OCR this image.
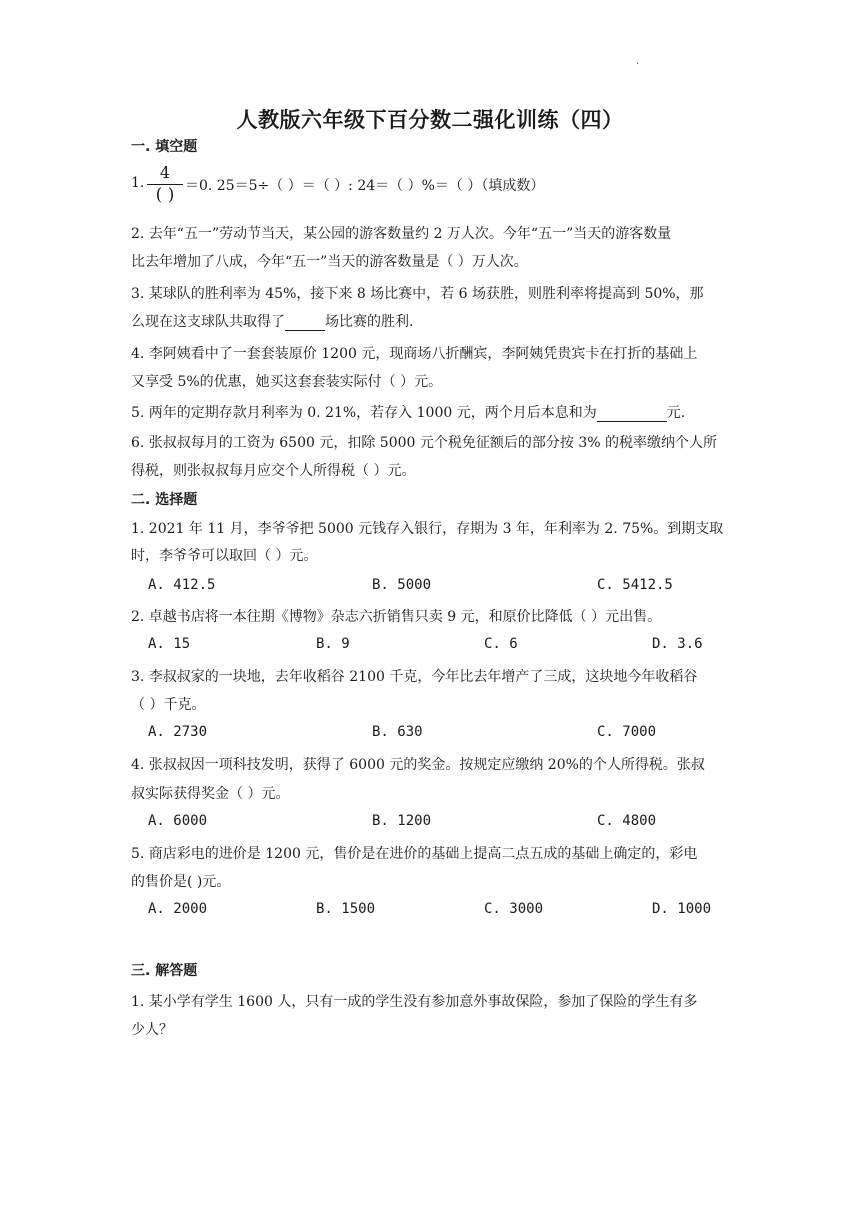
.
人教版六年级下百分数二强化训练（四）
一. 填空题
1.
4
( ) ＝0. 25＝5÷（ ）＝（ ）: 24＝（ ）%＝（ ）（填成数）
2. 去年“五一”劳动节当天，某公园的游客数量约 2 万人次。今年“五一”当天的游客数量
比去年增加了八成，今年“五一”当天的游客数量是（ ）万人次。
3. 某球队的胜利率为 45%，接下来 8 场比赛中，若 6 场获胜，则胜利率将提高到 50%，那
么现在这支球队共取得了	场比赛的胜利.
4. 李阿姨看中了一套套装原价 1200 元，现商场八折酬宾，李阿姨凭贵宾卡在打折的基础上
又享受 5%的优惠，她买这套套装实际付（ ）元。
5. 两年的定期存款月利率为 0. 21%，若存入 1000 元，两个月后本息和为	元.
6. 张叔叔每月的工资为 6500 元，扣除 5000 元个税免征额后的部分按 3% 的税率缴纳个人所
得税，则张叔叔每月应交个人所得税（ ）元。
二. 选择题
1. 2021 年 11 月，李爷爷把 5000 元钱存入银行，存期为 3 年，年利率为 2. 75%。到期支取
时，李爷爷可以取回（ ）元。
A. 412.5	B. 5000	C. 5412.5
2. 卓越书店将一本往期《博物》杂志六折销售只卖 9 元，和原价比降低（ ）元出售。
A. 15	B. 9	C. 6	D. 3.6
3. 李叔叔家的一块地，去年收稻谷 2100 千克，今年比去年增产了三成，这块地今年收稻谷
（ ）千克。
A. 2730	B. 630	C. 7000
4. 张叔叔因一项科技发明，获得了 6000 元的奖金。按规定应缴纳 20%的个人所得税。张叔
叔实际获得奖金（ ）元。
A. 6000	B. 1200	C. 4800
5. 商店彩电的进价是 1200 元，售价是在进价的基础上提高二点五成的基础上确定的，彩电
的售价是( )元。
A. 2000	B. 1500	C. 3000	D. 1000
三. 解答题
1. 某小学有学生 1600 人，只有一成的学生没有参加意外事故保险，参加了保险的学生有多
少人？
